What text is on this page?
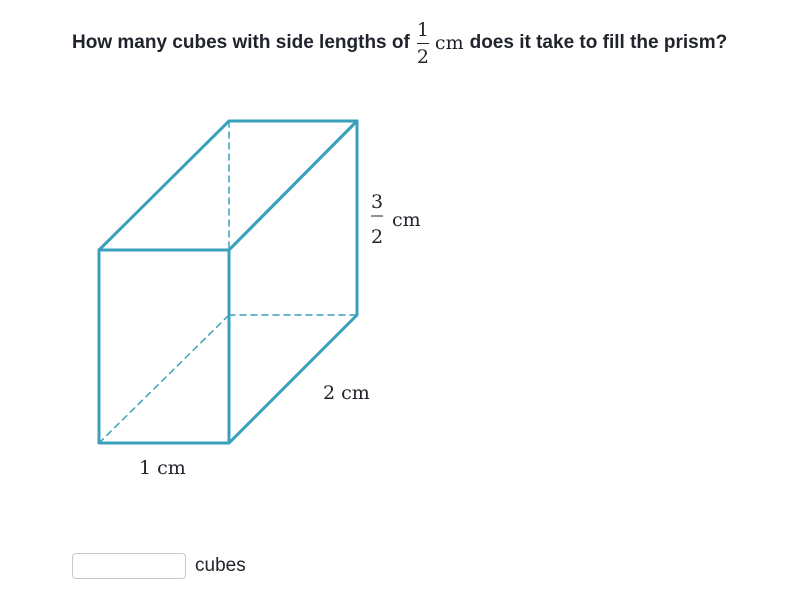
How many cubes with side lengths of $\frac{1}{2}$ cm does it take to fill the prism?
3
2
cm
2 cm
1 cm
cubes
